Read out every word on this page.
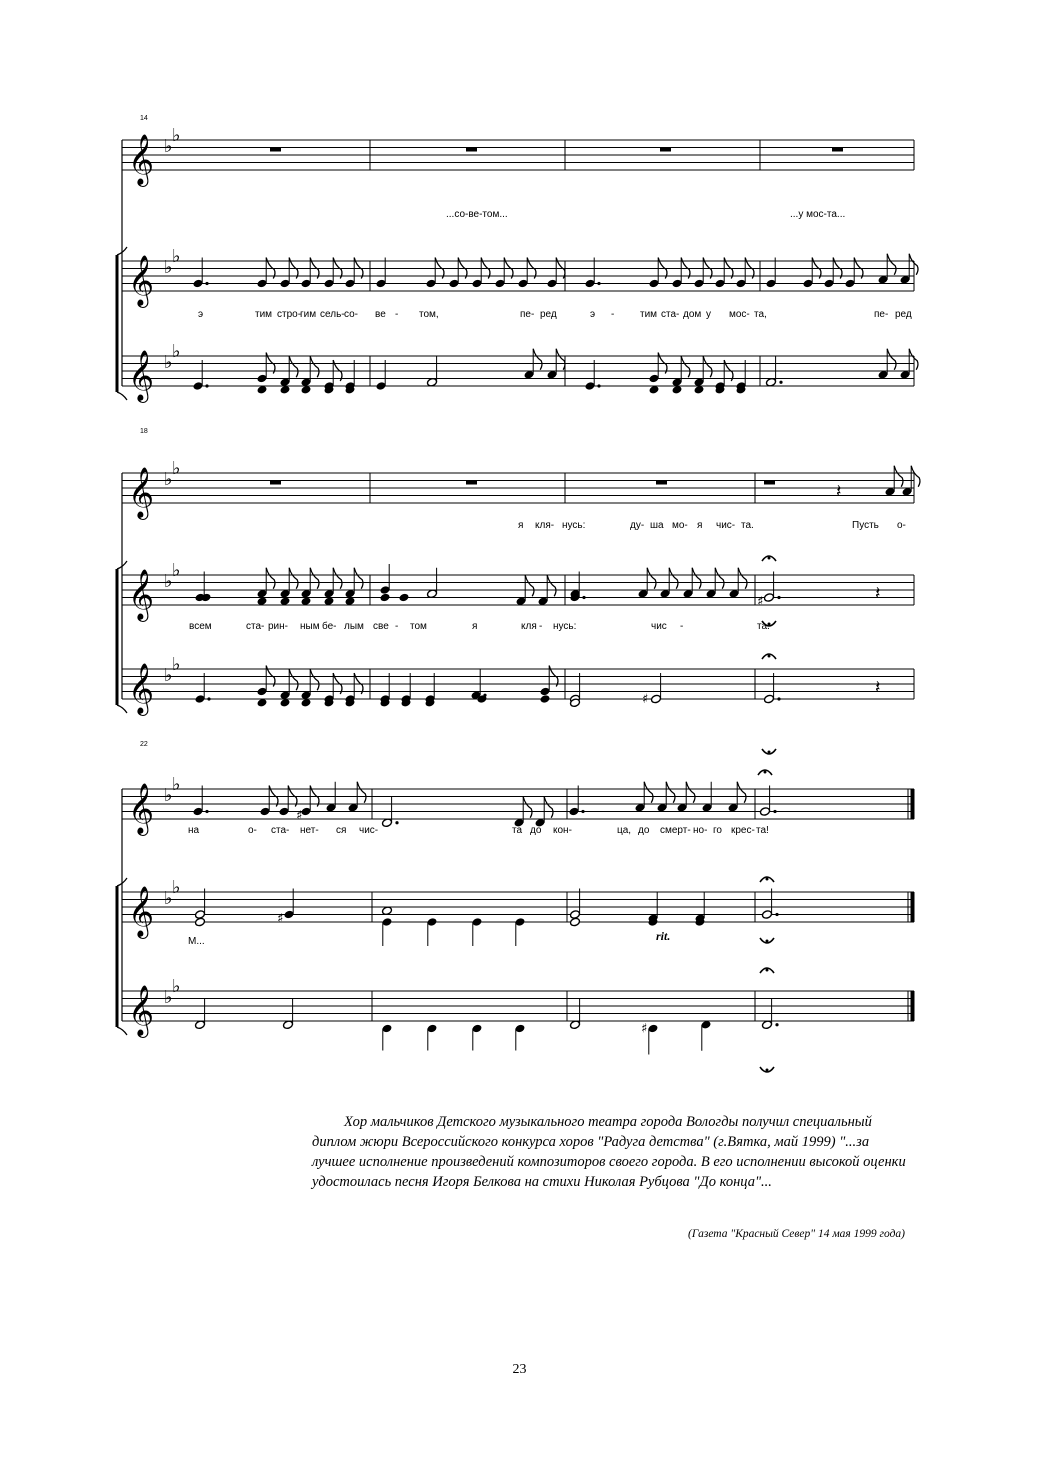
𝄞 ♭
♭
𝄞 ♭
♭
𝄞 ♭
♭
𝄞 ♭
♭
𝄞 ♭
♭
𝄞 ♭
♭
𝄞 ♭
♭
𝄞 ♭
♭
𝄞 ♭
♭
𝄽
♯	𝄽
♯
𝄽
♯
♯
♯
14
18
22
...со-ве-том...	...у мос-та...
э	тим стро-
гим сель- со- ве - том,	пе- ред	э -	тим ста- дом у мос- та,	пе- ред
я кля- нусь:	ду- ша мо- я чис- та.	Пусть о-
всем	ста- рин- ным бе- лым све - том	я	кля - нусь:	чис -	та.
на	о- ста- нет- ся чис-	та до кон-	ца, до смерт- но- го крес- та!
М...	rit.

Хор мальчиков Детского музыкального театра города Вологды получил специальный диплом жюри Всероссийского конкурса хоров "Радуга детства" (г.Вятка, май 1999) "...за лучшее исполнение произведений композиторов своего города. В его исполнении высокой оценки удостоилась песня Игоря Белкова на стихи Николая Рубцова "До конца"...

(Газета "Красный Север" 14 мая 1999 года)
23
